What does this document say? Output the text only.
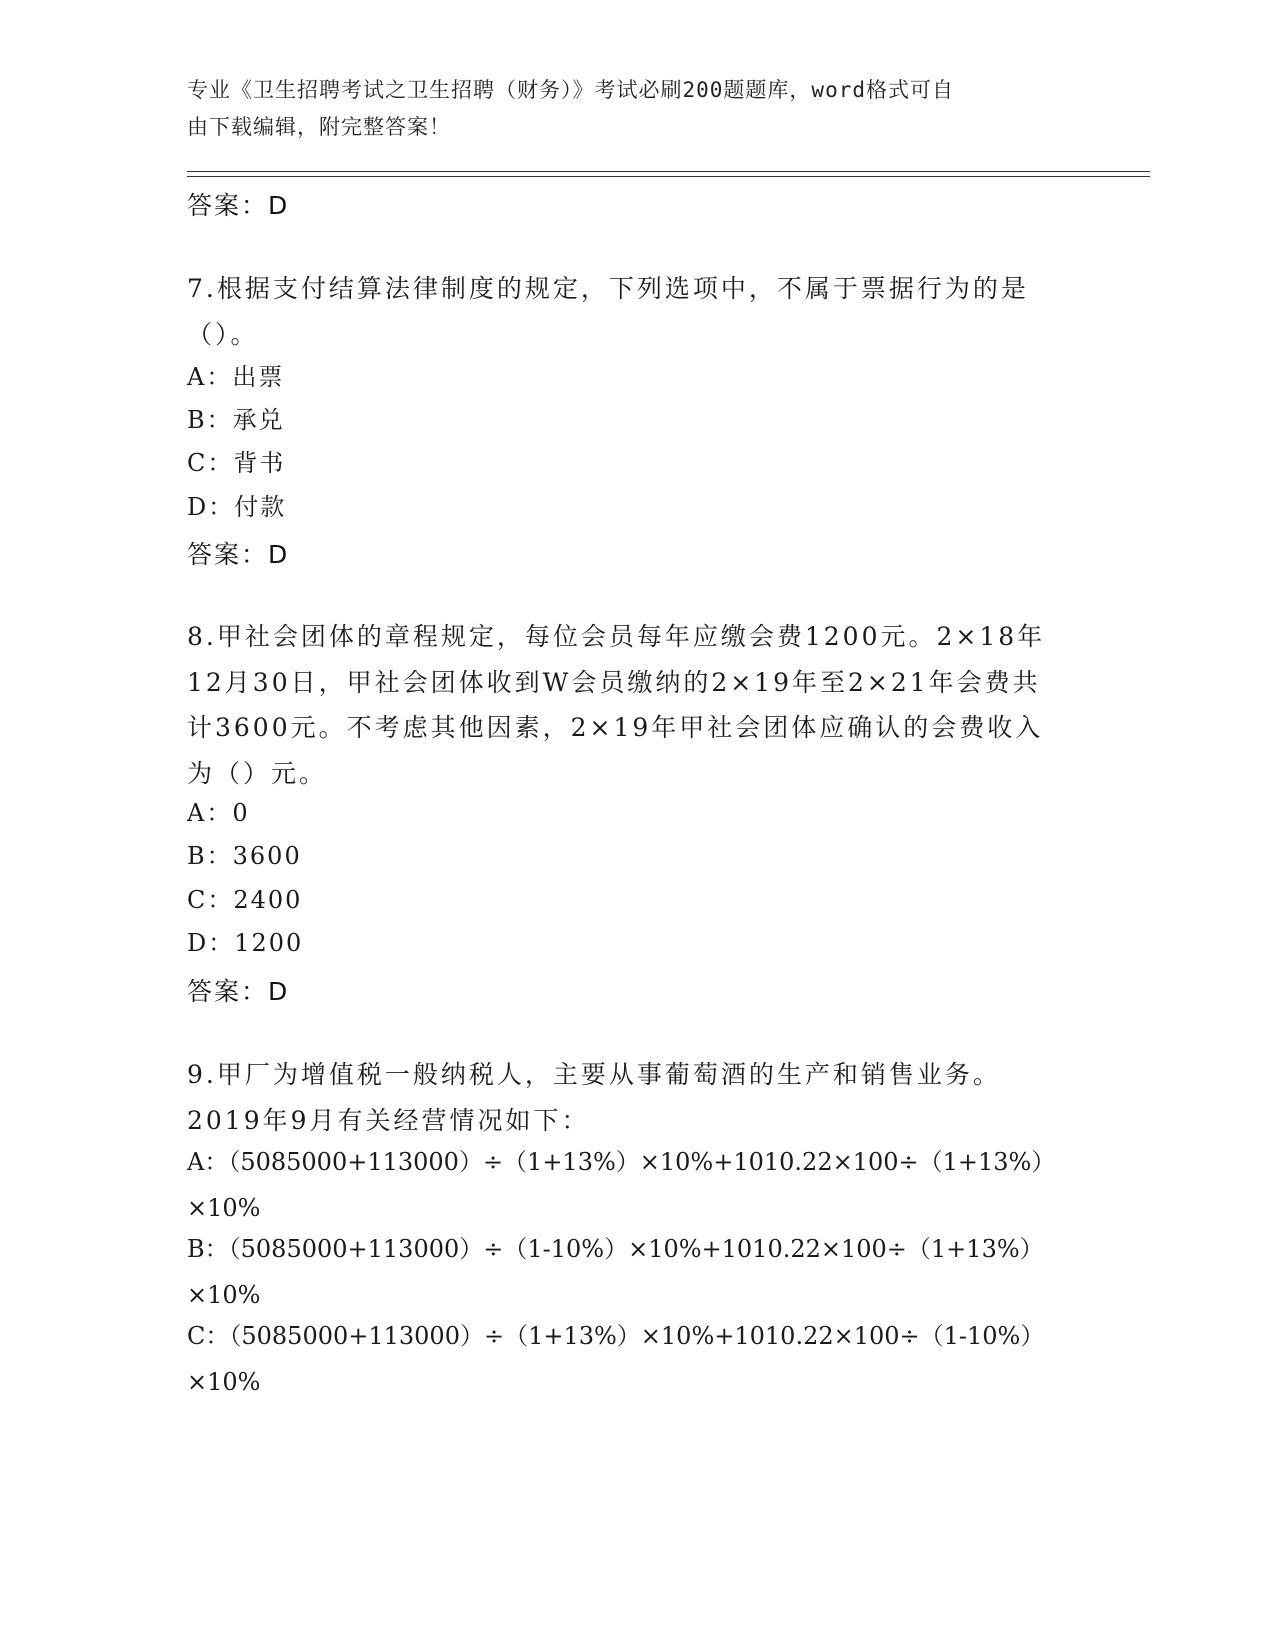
专业《卫生招聘考试之卫生招聘（财务）》考试必刷200题题库，word格式可自
由下载编辑，附完整答案！
答案：D
7.根据支付结算法律制度的规定，下列选项中，不属于票据行为的是
（）。
A：出票
B：承兑
C：背书
D：付款
答案：D
8.甲社会团体的章程规定，每位会员每年应缴会费1200元。2×18年
12月30日，甲社会团体收到W会员缴纳的2×19年至2×21年会费共
计3600元。不考虑其他因素，2×19年甲社会团体应确认的会费收入
为（）元。
A：0
B：3600
C：2400
D：1200
答案：D
9.甲厂为增值税一般纳税人，主要从事葡萄酒的生产和销售业务。
2019年9月有关经营情况如下：
A：（5085000+113000）÷（1+13%）×10%+1010.22×100÷（1+13%）
×10%
B：（5085000+113000）÷（1-10%）×10%+1010.22×100÷（1+13%）
×10%
C：（5085000+113000）÷（1+13%）×10%+1010.22×100÷（1-10%）
×10%
